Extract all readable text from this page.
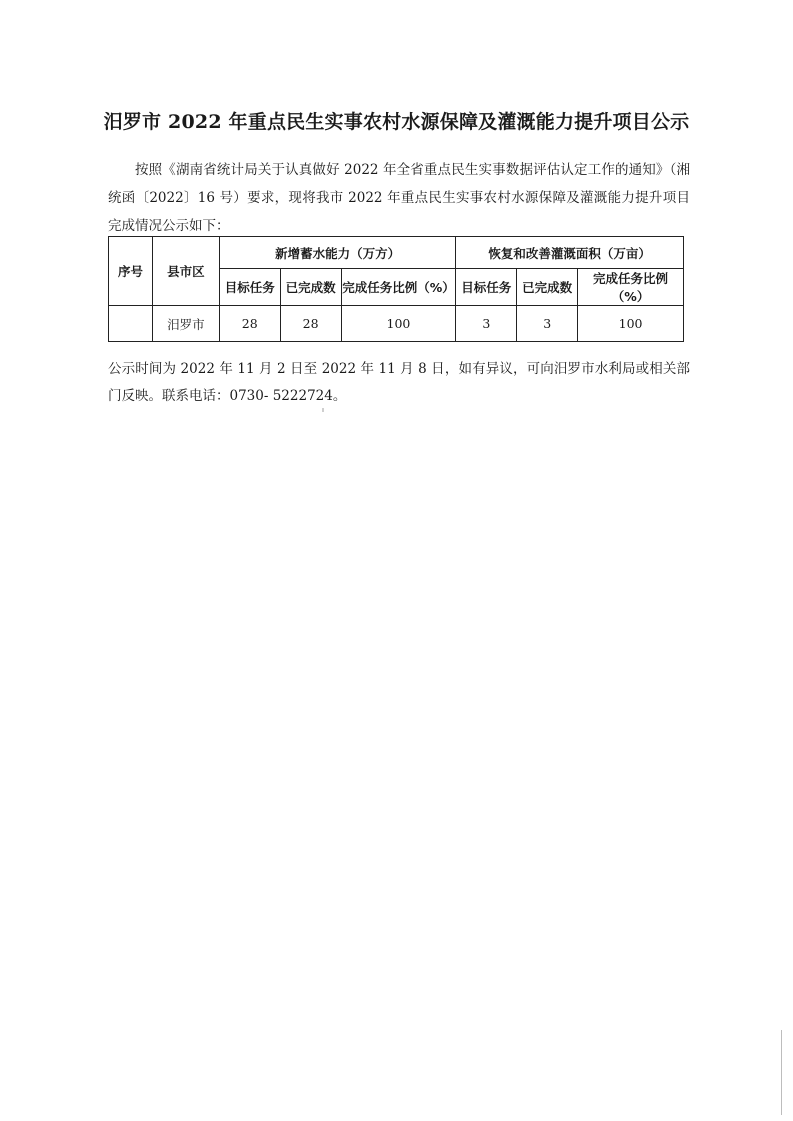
汨罗市 2022 年重点民生实事农村水源保障及灌溉能力提升项目公示
按照《湖南省统计局关于认真做好 2022 年全省重点民生实事数据评估认定工作的通知》（湘统函〔2022〕16 号）要求，现将我市 2022 年重点民生实事农村水源保障及灌溉能力提升项目完成情况公示如下：
序号	县市区	新增蓄水能力（万方）			恢复和改善灌溉面积（万亩）		
		目标任务	已完成数	完成任务比例（%）	目标任务	已完成数	完成任务比例（%）
	汨罗市	28	28	100	3	3	100
公示时间为 2022 年 11 月 2 日至 2022 年 11 月 8 日，如有异议，可向汨罗市水利局或相关部门反映。联系电话：0730- 5222724。
